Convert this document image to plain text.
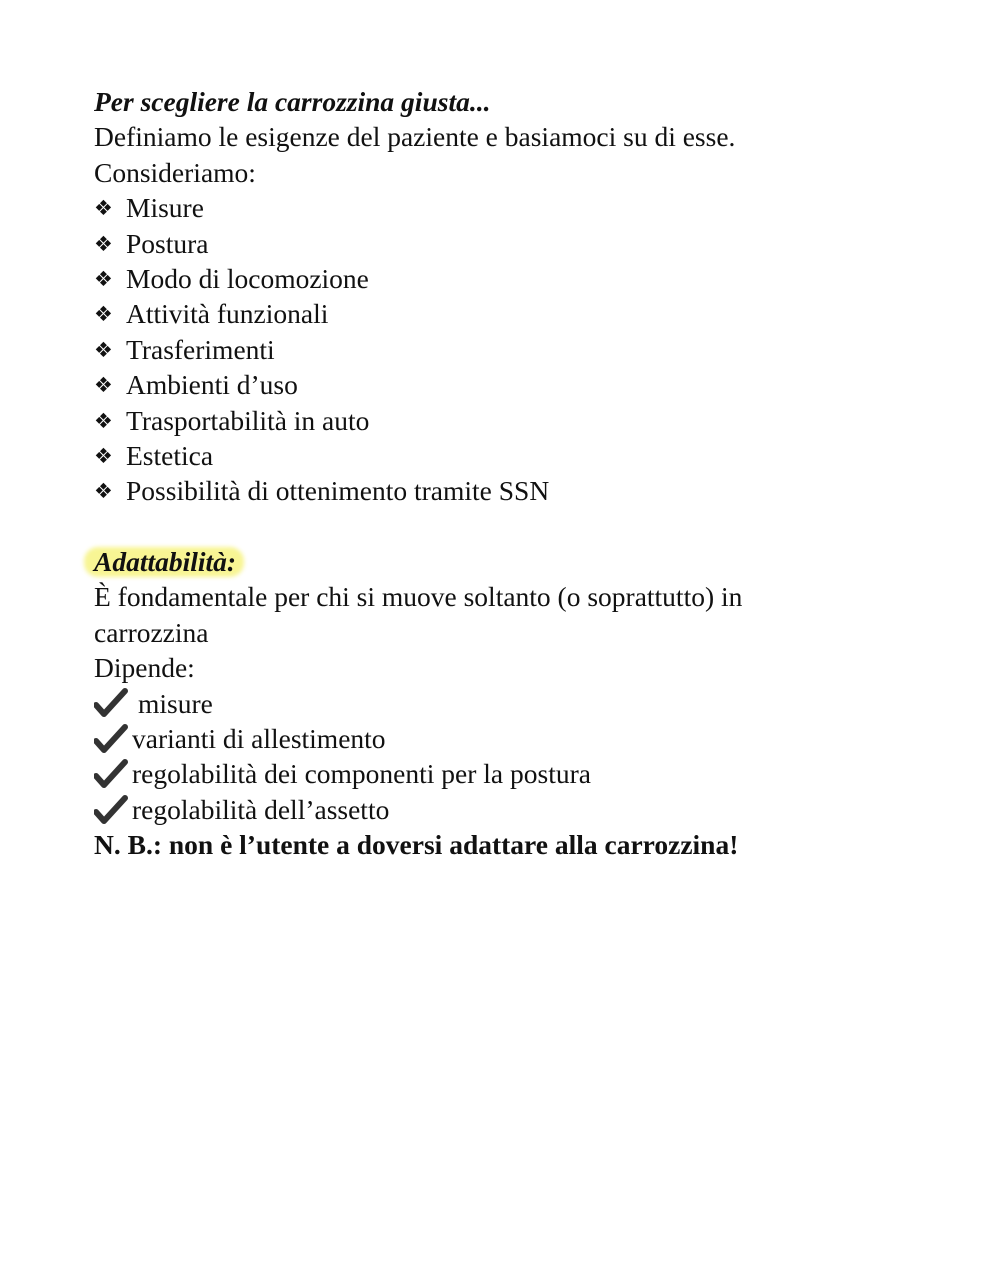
Per scegliere la carrozzina giusta...
Definiamo le esigenze del paziente e basiamoci su di esse.
Consideriamo:
❖ Misure
❖ Postura
❖ Modo di locomozione
❖ Attività funzionali
❖ Trasferimenti
❖ Ambienti d’uso
❖ Trasportabilità in auto
❖ Estetica
❖ Possibilità di ottenimento tramite SSN
Adattabilità:
È fondamentale per chi si muove soltanto (o soprattutto) in
carrozzina
Dipende:
misure
varianti di allestimento
regolabilità dei componenti per la postura
regolabilità dell’assetto
N. B.: non è l’utente a doversi adattare alla carrozzina!
